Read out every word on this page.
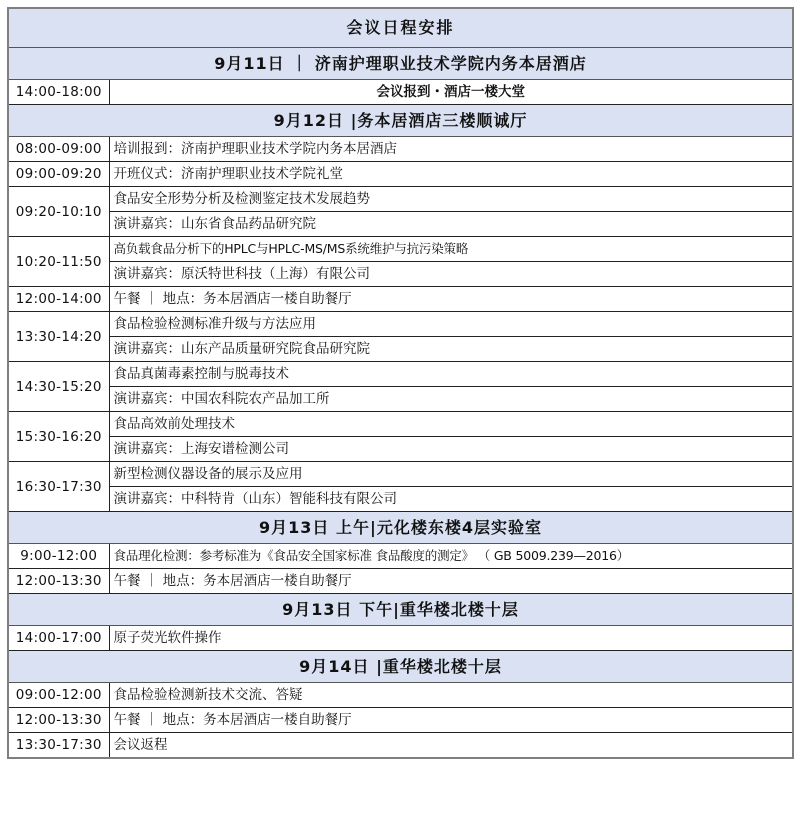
会议日程安排	
9月11日 ｜ 济南护理职业技术学院内务本居酒店	
14:00-18:00	会议报到・酒店一楼大堂
9月12日 |务本居酒店三楼顺诚厅	
08:00-09:00	培训报到：济南护理职业技术学院内务本居酒店
09:00-09:20	开班仪式：济南护理职业技术学院礼堂
09:20-10:10	食品安全形势分析及检测鉴定技术发展趋势
	演讲嘉宾：山东省食品药品研究院
10:20-11:50	高负载食品分析下的HPLC与HPLC-MS/MS系统维护与抗污染策略
	演讲嘉宾：原沃特世科技（上海）有限公司
12:00-14:00	午餐 ｜ 地点：务本居酒店一楼自助餐厅
13:30-14:20	食品检验检测标准升级与方法应用
	演讲嘉宾：山东产品质量研究院食品研究院
14:30-15:20	食品真菌毒素控制与脱毒技术
	演讲嘉宾：中国农科院农产品加工所
15:30-16:20	食品高效前处理技术
	演讲嘉宾：上海安谱检测公司
16:30-17:30	新型检测仪器设备的展示及应用
	演讲嘉宾：中科特肯（山东）智能科技有限公司
9月13日 上午|元化楼东楼4层实验室	
9:00-12:00	食品理化检测：参考标准为《食品安全国家标准 食品酸度的测定》 （ GB 5009.239—2016）
12:00-13:30	午餐 ｜ 地点：务本居酒店一楼自助餐厅
9月13日 下午|重华楼北楼十层	
14:00-17:00	原子荧光软件操作
9月14日 |重华楼北楼十层	
09:00-12:00	食品检验检测新技术交流、答疑
12:00-13:30	午餐 ｜ 地点：务本居酒店一楼自助餐厅
13:30-17:30	会议返程
